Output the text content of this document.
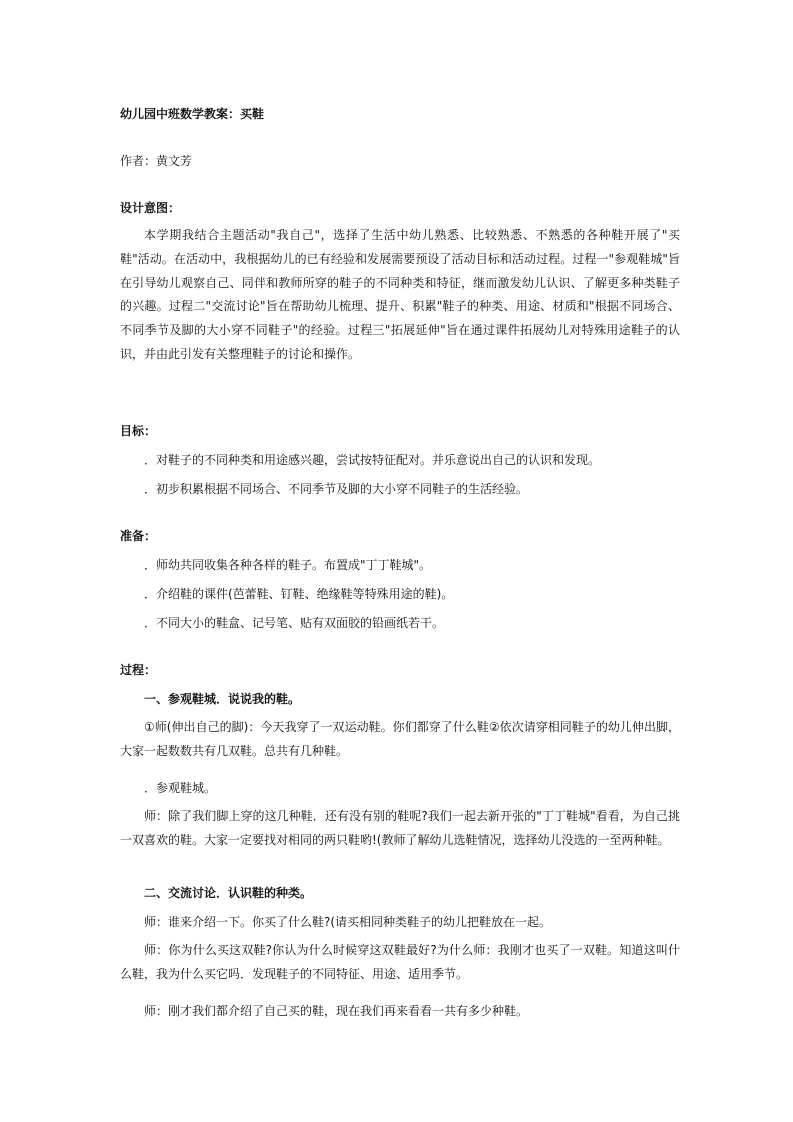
幼儿园中班数学教案：买鞋
作者：黄文芳
设计意图：
本学期我结合主题活动"我自己"，选择了生活中幼儿熟悉、比较熟悉、不熟悉的各种鞋开展了"买鞋"活动。在活动中，我根据幼儿的已有经验和发展需要预设了活动目标和活动过程。过程一"参观鞋城"旨在引导幼儿观察自己、同伴和教师所穿的鞋子的不同种类和特征，继而激发幼儿认识、了解更多种类鞋子的兴趣。过程二"交流讨论"旨在帮助幼儿梳理、提升、积累"鞋子的种类、用途、材质和"根据不同场合、不同季节及脚的大小穿不同鞋子"的经验。过程三"拓展延伸"旨在通过课件拓展幼儿对特殊用途鞋子的认识，并由此引发有关整理鞋子的讨论和操作。
目标：
．对鞋子的不同种类和用途感兴趣，尝试按特征配对。并乐意说出自己的认识和发现。
．初步积累根据不同场合、不同季节及脚的大小穿不同鞋子的生活经验。
准备：
．师幼共同收集各种各样的鞋子。布置成"丁丁鞋城"。
．介绍鞋的课件(芭蕾鞋、钉鞋、绝缘鞋等特殊用途的鞋)。
．不同大小的鞋盒、记号笔、贴有双面胶的铅画纸若干。
过程：
一、参观鞋城．说说我的鞋。
①师(伸出自己的脚)：今天我穿了一双运动鞋。你们都穿了什么鞋②依次请穿相同鞋子的幼儿伸出脚，大家一起数数共有几双鞋。总共有几种鞋。
．参观鞋城。
师：除了我们脚上穿的这几种鞋．还有没有别的鞋呢?我们一起去新开张的"丁丁鞋城"看看，为自己挑一双喜欢的鞋。大家一定要找对相同的两只鞋哟!(教师了解幼儿选鞋情况，选择幼儿没选的一至两种鞋。
二、交流讨论．认识鞋的种类。
师：谁来介绍一下。你买了什么鞋?(请买相同种类鞋子的幼儿把鞋放在一起。
师：你为什么买这双鞋?你认为什么时候穿这双鞋最好?为什么师：我刚才也买了一双鞋。知道这叫什么鞋，我为什么买它吗．发现鞋子的不同特征、用途、适用季节。
师：刚才我们都介绍了自己买的鞋，现在我们再来看看一共有多少种鞋。
